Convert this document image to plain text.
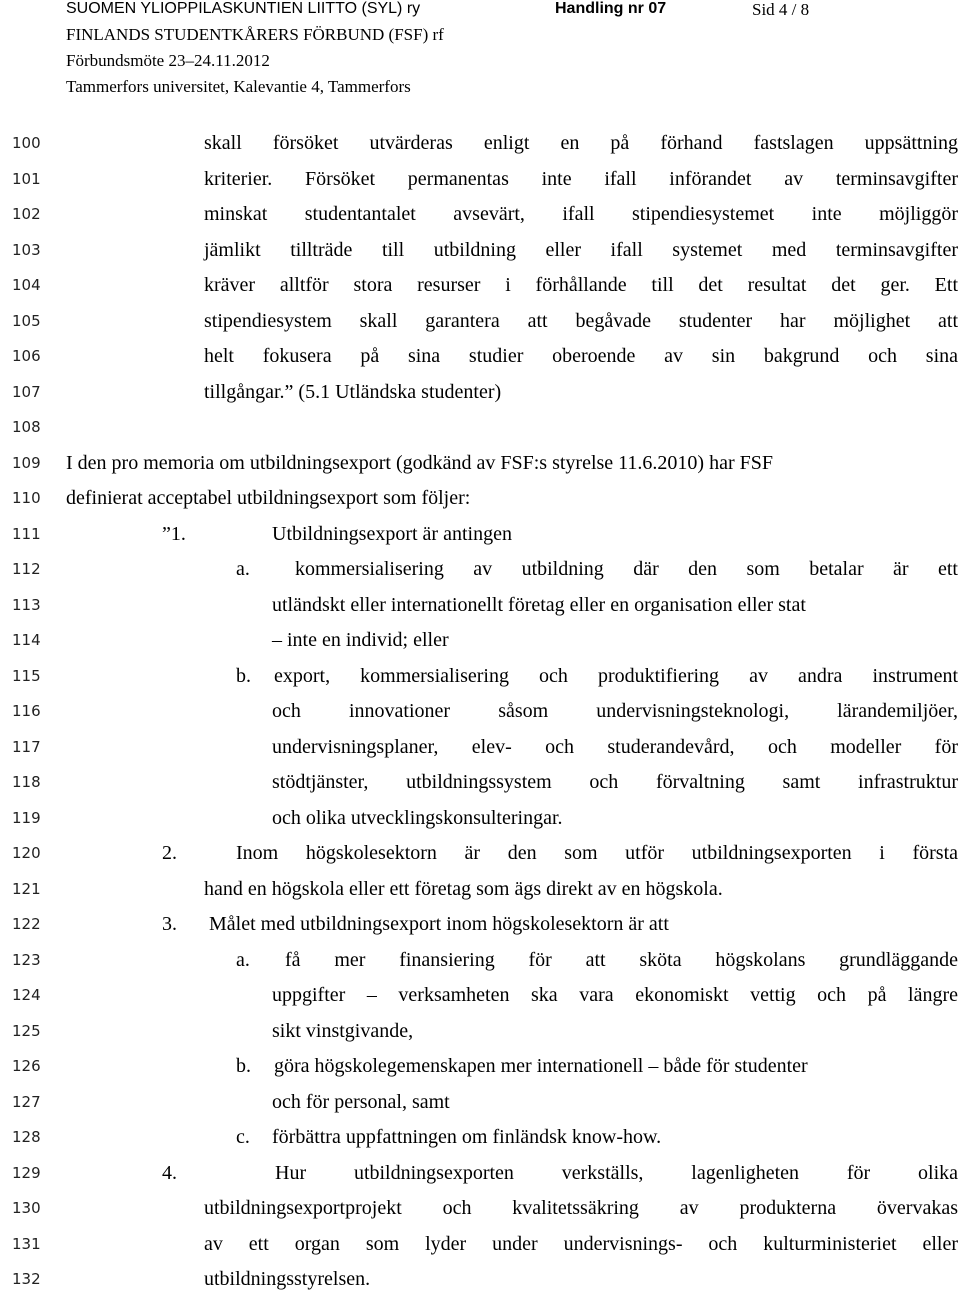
SUOMEN YLIOPPILASKUNTIEN LIITTO (SYL) ry	Handling nr 07	Sid 4 / 8
FINLANDS STUDENTKÅRERS FÖRBUND (FSF) rf
Förbundsmöte 23–24.11.2012
Tammerfors universitet, Kalevantie 4, Tammerfors
100
101
102
103
104
105
106
107
108
109
110
111
112
113
114
115
116
117
118
119
120
121
122
123
124
125
126
127
128
129
130
131
132
skall försöket utvärderas enligt en på förhand fastslagen uppsättning
kriterier. Försöket permanentas inte ifall införandet av terminsavgifter
minskat studentantalet avsevärt, ifall stipendiesystemet inte möjliggör
jämlikt tillträde till utbildning eller ifall systemet med terminsavgifter
kräver alltför stora resurser i förhållande till det resultat det ger. Ett
stipendiesystem skall garantera att begåvade studenter har möjlighet att
helt fokusera på sina studier oberoende av sin bakgrund och sina
tillgångar.” (5.1 Utländska studenter)
I den pro memoria om utbildningsexport (godkänd av FSF:s styrelse 11.6.2010) har FSF
definierat acceptabel utbildningsexport som följer:
”1.	Utbildningsexport är antingen
a. kommersialisering av utbildning där den som betalar är ett
utländskt eller internationellt företag eller en organisation eller stat
– inte en individ; eller
b. export, kommersialisering och produktifiering av andra instrument
och innovationer såsom undervisningsteknologi, lärandemiljöer,
undervisningsplaner, elev- och studerandevård, och modeller för
stödtjänster, utbildningssystem och förvaltning samt infrastruktur
och olika utvecklingskonsulteringar.
2.	Inom högskolesektorn är den som utför utbildningsexporten i första
hand en högskola eller ett företag som ägs direkt av en högskola.
3. Målet med utbildningsexport inom högskolesektorn är att
a. få mer finansiering för att sköta högskolans grundläggande
uppgifter – verksamheten ska vara ekonomiskt vettig och på längre
sikt vinstgivande,
b. göra högskolegemenskapen mer internationell – både för studenter
och för personal, samt
c. förbättra uppfattningen om finländsk know-how.
4.	Hur utbildningsexporten verkställs, lagenligheten för olika
utbildningsexportprojekt och kvalitetssäkring av produkterna övervakas
av ett organ som lyder under undervisnings- och kulturministeriet eller
utbildningsstyrelsen.
